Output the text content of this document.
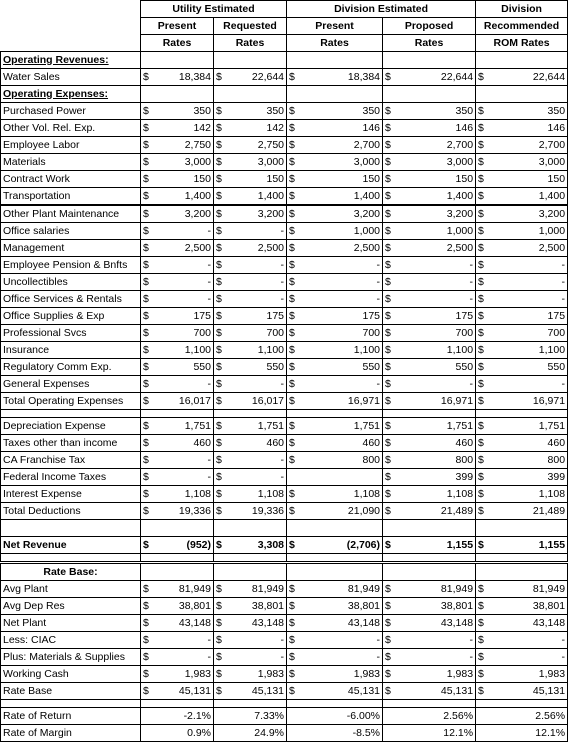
	Utility Estimated				Division Estimated				Division	
	Present		Requested		Present		Proposed		Recommended	
	Rates		Rates		Rates		Rates		ROM Rates	
Operating Revenues:										
Water Sales	$	18,384	$	22,644	$	18,384	$	22,644	$	22,644
Operating Expenses:										
Purchased Power	$	350	$	350	$	350	$	350	$	350
Other Vol. Rel. Exp.	$	142	$	142	$	146	$	146	$	146
Employee Labor	$	2,750	$	2,750	$	2,700	$	2,700	$	2,700
Materials	$	3,000	$	3,000	$	3,000	$	3,000	$	3,000
Contract Work	$	150	$	150	$	150	$	150	$	150
Transportation	$	1,400	$	1,400	$	1,400	$	1,400	$	1,400
Other Plant Maintenance	$	3,200	$	3,200	$	3,200	$	3,200	$	3,200
Office salaries	$	-	$	-	$	1,000	$	1,000	$	1,000
Management	$	2,500	$	2,500	$	2,500	$	2,500	$	2,500
Employee Pension & Bnfts	$	-	$	-	$	-	$	-	$	-
Uncollectibles	$	-	$	-	$	-	$	-	$	-
Office Services & Rentals	$	-	$	-	$	-	$	-	$	-
Office Supplies & Exp	$	175	$	175	$	175	$	175	$	175
Professional Svcs	$	700	$	700	$	700	$	700	$	700
Insurance	$	1,100	$	1,100	$	1,100	$	1,100	$	1,100
Regulatory Comm Exp.	$	550	$	550	$	550	$	550	$	550
General Expenses	$	-	$	-	$	-	$	-	$	-
Total Operating Expenses	$	16,017	$	16,017	$	16,971	$	16,971	$	16,971

Depreciation Expense	$	1,751	$	1,751	$	1,751	$	1,751	$	1,751
Taxes other than income	$	460	$	460	$	460	$	460	$	460
CA Franchise Tax	$	-	$	-	$	800	$	800	$	800
Federal Income Taxes	$	-	$	-			$	399	$	399
Interest Expense	$	1,108	$	1,108	$	1,108	$	1,108	$	1,108
Total Deductions	$	19,336	$	19,336	$	21,090	$	21,489	$	21,489

Net Revenue	$	(952)	$	3,308	$	(2,706)	$	1,155	$	1,155

Rate Base:										
Avg Plant	$	81,949	$	81,949	$	81,949	$	81,949	$	81,949
Avg Dep Res	$	38,801	$	38,801	$	38,801	$	38,801	$	38,801
Net Plant	$	43,148	$	43,148	$	43,148	$	43,148	$	43,148
Less: CIAC	$	-	$	-	$	-	$	-	$	-
Plus: Materials & Supplies	$	-	$	-	$	-	$	-	$	-
Working Cash	$	1,983	$	1,983	$	1,983	$	1,983	$	1,983
Rate Base	$	45,131	$	45,131	$	45,131	$	45,131	$	45,131

Rate of Return	-2.1%		7.33%		-6.00%		2.56%		2.56%	
Rate of Margin	0.9%		24.9%		-8.5%		12.1%		12.1%	
